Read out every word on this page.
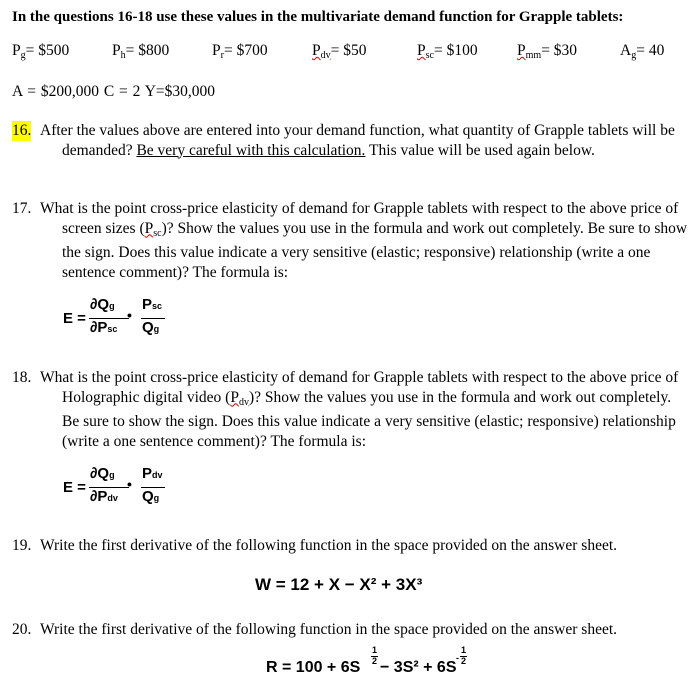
In the questions 16-18 use these values in the multivariate demand function for Grapple tablets:
$P_g=$ $500	$P_h=$ $800	$P_r=$ $700	$P_{dv}=$ $50	$P_{sc}=$ $100	$P_{mm}=$ $30	$A_g= 40$
A = $200,000 C = 2 Y=$30,000
16. After the values above are entered into your demand function, what quantity of Grapple tablets will be demanded? Be very careful with this calculation. This value will be used again below.
17. What is the point cross-price elasticity of demand for Grapple tablets with respect to the above price of screen sizes $(P_{sc})$? Show the values you use in the formula and work out completely. Be sure to show the sign. Does this value indicate a very sensitive (elastic; responsive) relationship (write a one sentence comment)? The formula is:
E =
∂Qg
∂Psc
•
Psc
Qg
18. What is the point cross-price elasticity of demand for Grapple tablets with respect to the above price of Holographic digital video $(P_{dv})$? Show the values you use in the formula and work out completely. Be sure to show the sign. Does this value indicate a very sensitive (elastic; responsive) relationship (write a one sentence comment)? The formula is:
E =
∂Qg
∂Pdv
•
Pdv
Qg
19. Write the first derivative of the following function in the space provided on the answer sheet.
W = 12 + X − X² + 3X³
20. Write the first derivative of the following function in the space provided on the answer sheet.
R = 100 + 6S
1
2 − 3S² + 6S
-
1
2
